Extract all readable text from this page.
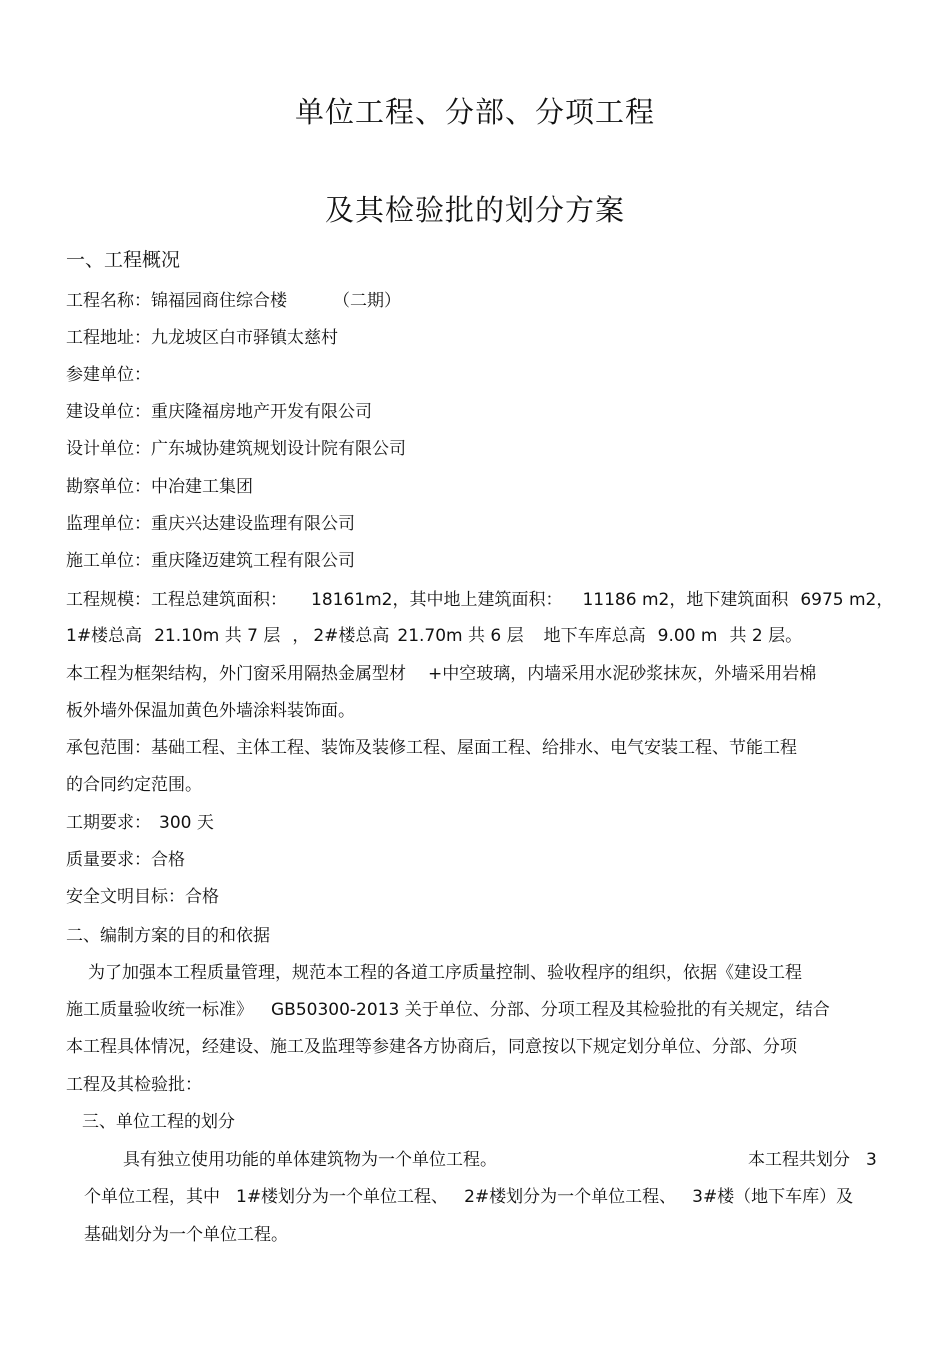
单位工程、分部、分项工程
及其检验批的划分方案
一、工程概况
工程名称：锦福园商住综合楼	（二期）
工程地址：九龙坡区白市驿镇太慈村
参建单位：
建设单位：重庆隆福房地产开发有限公司
设计单位：广东城协建筑规划设计院有限公司
勘察单位：中冶建工集团
监理单位：重庆兴达建设监理有限公司
施工单位：重庆隆迈建筑工程有限公司
工程规模：工程总建筑面积： 18161m2，其中地上建筑面积： 11186 m2，地下建筑面积 6975 m2，
1#楼总高 21.10m 共 7 层 ， 2#楼总高 21.70m 共 6 层 地下车库总高 9.00 m 共 2 层。
本工程为框架结构，外门窗采用隔热金属型材 +中空玻璃，内墙采用水泥砂浆抹灰，外墙采用岩棉
板外墙外保温加黄色外墙涂料装饰面。
承包范围：基础工程、主体工程、装饰及装修工程、屋面工程、给排水、电气安装工程、节能工程
的合同约定范围。
工期要求： 300 天
质量要求：合格
安全文明目标：合格
二、编制方案的目的和依据
为了加强本工程质量管理，规范本工程的各道工序质量控制、验收程序的组织，依据《建设工程
施工质量验收统一标准》 GB50300-2013 关于单位、分部、分项工程及其检验批的有关规定，结合
本工程具体情况，经建设、施工及监理等参建各方协商后，同意按以下规定划分单位、分部、分项
工程及其检验批：
三、单位工程的划分
具有独立使用功能的单体建筑物为一个单位工程。	本工程共划分 3
个单位工程，其中 1#楼划分为一个单位工程、 2#楼划分为一个单位工程、 3#楼（地下车库）及
基础划分为一个单位工程。
